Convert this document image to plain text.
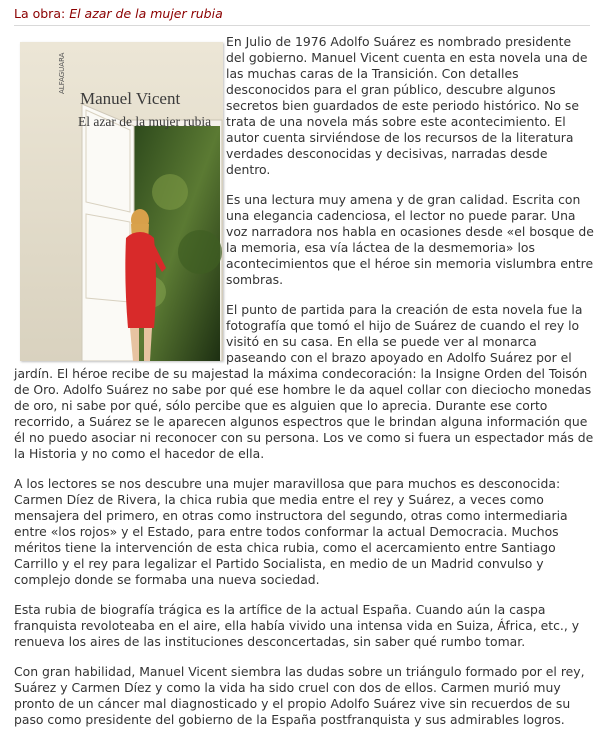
La obra: El azar de la mujer rubia

En Julio de 1976 Adolfo Suárez es nombrado presidente del gobierno. Manuel Vicent cuenta en esta novela una de las muchas caras de la Transición. Con detalles desconocidos para el gran público, descubre algunos secretos bien guardados de este periodo histórico. No se trata de una novela más sobre este acontecimiento. El autor cuenta sirviéndose de los recursos de la literatura verdades desconocidas y decisivas, narradas desde dentro.

Es una lectura muy amena y de gran calidad. Escrita con una elegancia cadenciosa, el lector no puede parar. Una voz narradora nos habla en ocasiones desde «el bosque de la memoria, esa vía láctea de la desmemoria» los acontecimientos que el héroe sin memoria vislumbra entre sombras.

El punto de partida para la creación de esta novela fue la fotografía que tomó el hijo de Suárez de cuando el rey lo visitó en su casa. En ella se puede ver al monarca paseando con el brazo apoyado en Adolfo Suárez por el jardín. El héroe recibe de su majestad la máxima condecoración: la Insigne Orden del Toisón de Oro. Adolfo Suárez no sabe por qué ese hombre le da aquel collar con dieciocho monedas de oro, ni sabe por qué, sólo percibe que es alguien que lo aprecia. Durante ese corto recorrido, a Suárez se le aparecen algunos espectros que le brindan alguna información que él no puedo asociar ni reconocer con su persona. Los ve como si fuera un espectador más de la Historia y no como el hacedor de ella.

A los lectores se nos descubre una mujer maravillosa que para muchos es desconocida: Carmen Díez de Rivera, la chica rubia que media entre el rey y Suárez, a veces como mensajera del primero, en otras como instructora del segundo, otras como intermediaria entre «los rojos» y el Estado, para entre todos conformar la actual Democracia. Muchos méritos tiene la intervención de esta chica rubia, como el acercamiento entre Santiago Carrillo y el rey para legalizar el Partido Socialista, en medio de un Madrid convulso y complejo donde se formaba una nueva sociedad.

Esta rubia de biografía trágica es la artífice de la actual España. Cuando aún la caspa franquista revoloteaba en el aire, ella había vivido una intensa vida en Suiza, África, etc., y renueva los aires de las instituciones desconcertadas, sin saber qué rumbo tomar.

Con gran habilidad, Manuel Vicent siembra las dudas sobre un triángulo formado por el rey, Suárez y Carmen Díez y como la vida ha sido cruel con dos de ellos. Carmen murió muy pronto de un cáncer mal diagnosticado y el propio Adolfo Suárez vive sin recuerdos de su paso como presidente del gobierno de la España postfranquista y sus admirables logros.

ALFAGUARA
Manuel Vicent
El azar de la mujer rubia
